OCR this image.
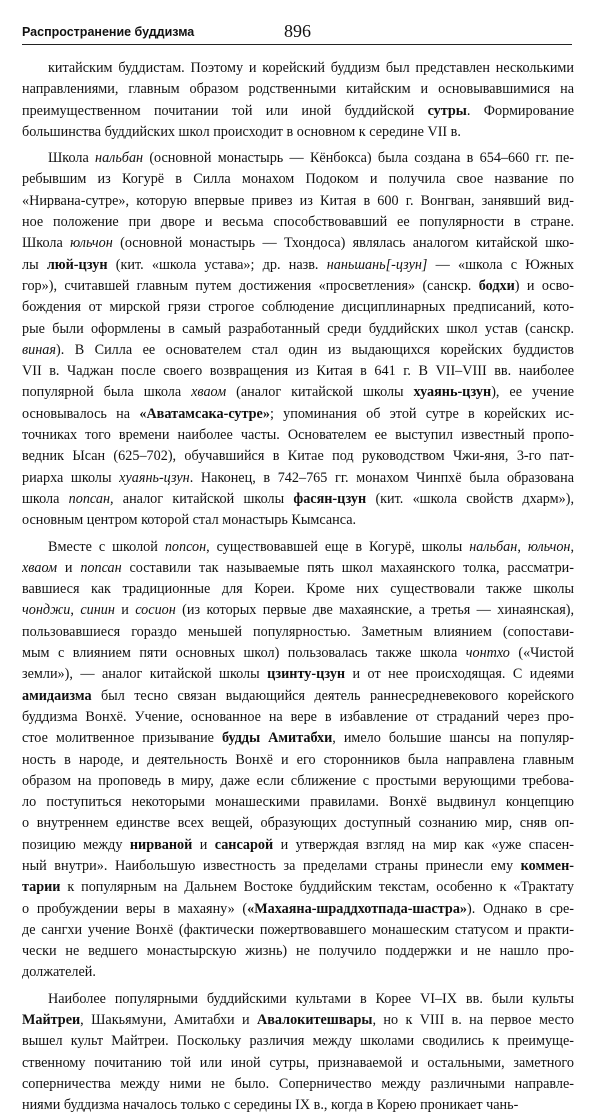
Распространение буддизма	896
китайским буддистам. Поэтому и корейский буддизм был представлен несколькими
направлениями, главным образом родственными китайским и основывавшимися на
преимущественном почитании той или иной буддийской сутры. Формирование
большинства буддийских школ происходит в основном к середине VII в.
Школа нальбан (основной монастырь — Кёнбокса) была создана в 654–660 гг. пе-
ребывшим из Когурё в Силла монахом Подоком и получила свое название по
«Нирвана-сутре», которую впервые привез из Китая в 600 г. Вонгван, занявший вид-
ное положение при дворе и весьма способствовавший ее популярности в стране.
Школа юльчон (основной монастырь — Тхондоса) являлась аналогом китайской шко-
лы люй-цзун (кит. «школа устава»; др. назв. наньшань[-цзун] — «школа с Южных
гор»), считавшей главным путем достижения «просветления» (санскр. бодхи) и осво-
бождения от мирской грязи строгое соблюдение дисциплинарных предписаний, кото-
рые были оформлены в самый разработанный среди буддийских школ устав (санскр.
виная). В Силла ее основателем стал один из выдающихся корейских буддистов
VII в. Чаджан после своего возвращения из Китая в 641 г. В VII–VIII вв. наиболее
популярной была школа хваом (аналог китайской школы хуаянь-цзун), ее учение
основывалось на «Аватамсака-сутре»; упоминания об этой сутре в корейских ис-
точниках того времени наиболее часты. Основателем ее выступил известный пропо-
ведник Ысан (625–702), обучавшийся в Китае под руководством Чжи-яня, 3-го пат-
риарха школы хуаянь-цзун. Наконец, в 742–765 гг. монахом Чинпхё была образована
школа попсан, аналог китайской школы фасян-цзун (кит. «школа свойств дхарм»),
основным центром которой стал монастырь Кымсанса.
Вместе с школой попсон, существовавшей еще в Когурё, школы нальбан, юльчон,
хваом и попсан составили так называемые пять школ махаянского толка, рассматри-
вавшиеся как традиционные для Кореи. Кроме них существовали также школы
чонджи, синин и сосион (из которых первые две махаянские, а третья — хинаянская),
пользовавшиеся гораздо меньшей популярностью. Заметным влиянием (сопостави-
мым с влиянием пяти основных школ) пользовалась также школа чонтхо («Чистой
земли»), — аналог китайской школы цзинту-цзун и от нее происходящая. С идеями
амидаизма был тесно связан выдающийся деятель раннесредневекового корейского
буддизма Вонхё. Учение, основанное на вере в избавление от страданий через про-
стое молитвенное призывание будды Амитабхи, имело большие шансы на популяр-
ность в народе, и деятельность Вонхё и его сторонников была направлена главным
образом на проповедь в миру, даже если сближение с простыми верующими требова-
ло поступиться некоторыми монашескими правилами. Вонхё выдвинул концепцию
о внутреннем единстве всех вещей, образующих доступный сознанию мир, сняв оп-
позицию между нирваной и сансарой и утверждая взгляд на мир как «уже спасен-
ный внутри». Наибольшую известность за пределами страны принесли ему коммен-
тарии к популярным на Дальнем Востоке буддийским текстам, особенно к «Трактату
о пробуждении веры в махаяну» («Махаяна-шраддхотпада-шастра»). Однако в сре-
де сангхи учение Вонхё (фактически пожертвовавшего монашеским статусом и практи-
чески не ведшего монастырскую жизнь) не получило поддержки и не нашло про-
должателей.
Наиболее популярными буддийскими культами в Корее VI–IX вв. были культы
Майтреи, Шакьямуни, Амитабхи и Авалокитешвары, но к VIII в. на первое место
вышел культ Майтреи. Поскольку различия между школами сводились к преимуще-
ственному почитанию той или иной сутры, признаваемой и остальными, заметного
соперничества между ними не было. Соперничество между различными направле-
ниями буддизма началось только с середины IX в., когда в Корею проникает чань-
